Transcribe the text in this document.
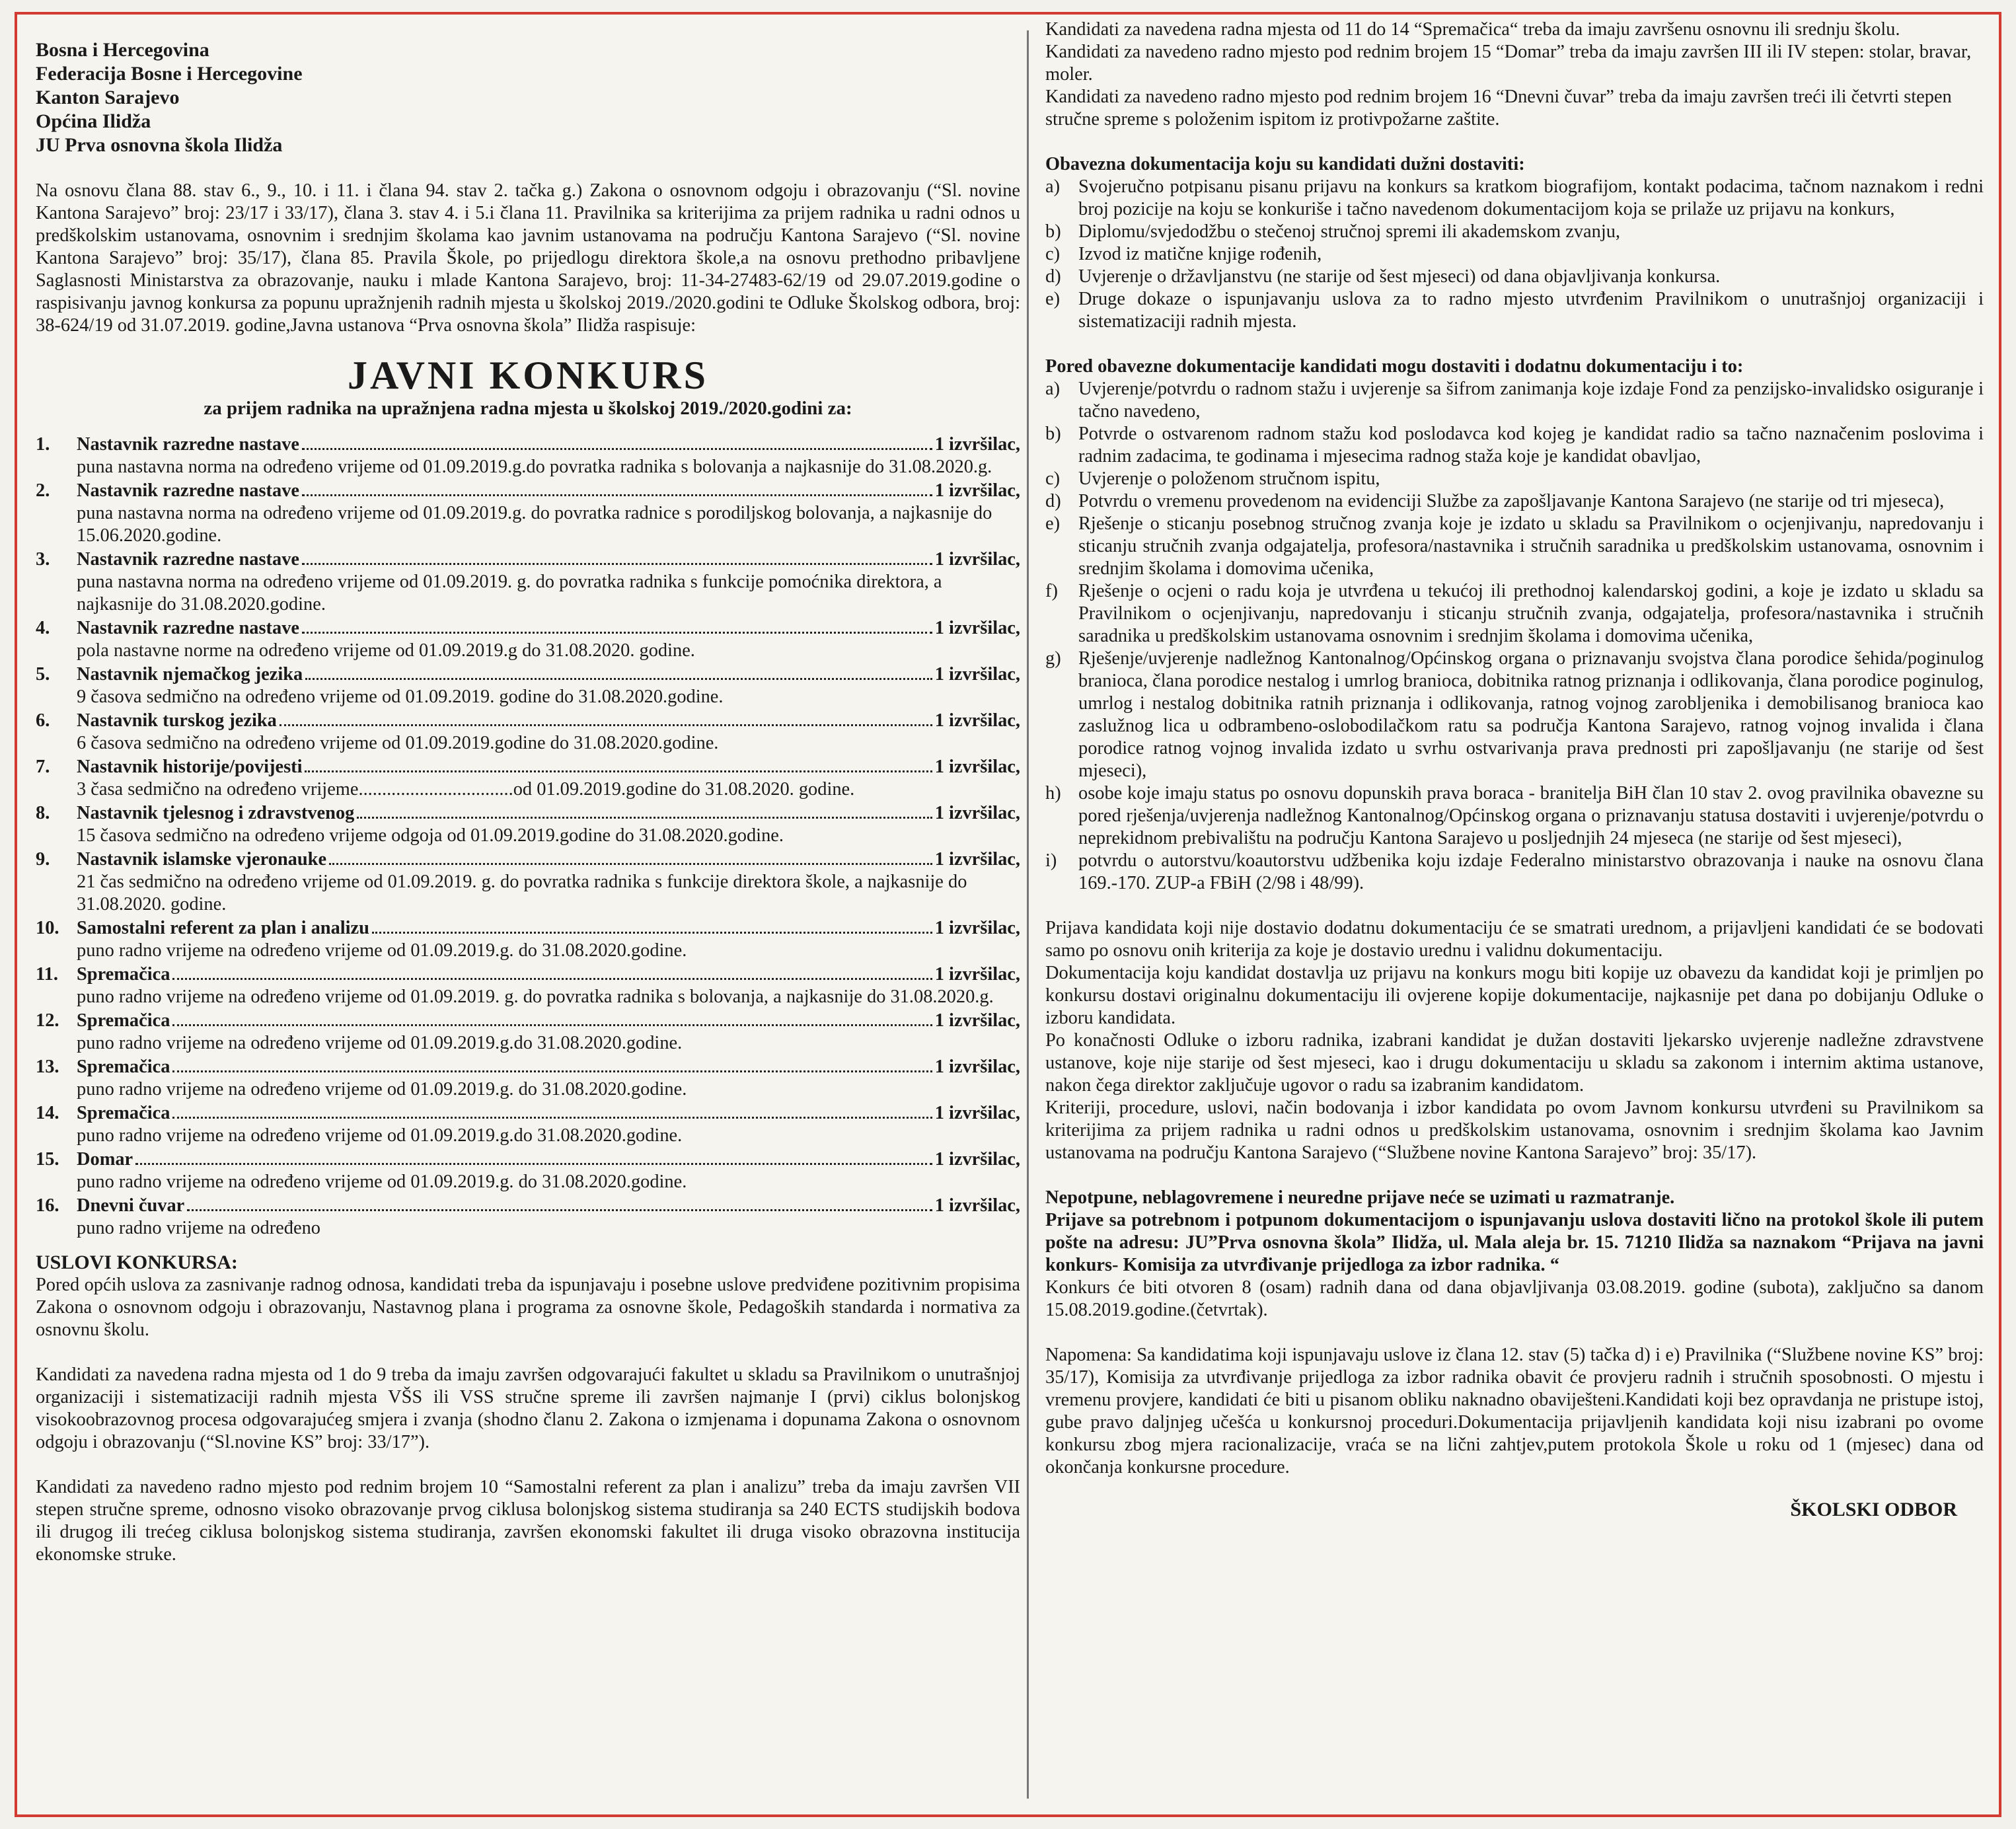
Bosna i Hercegovina
Federacija Bosne i Hercegovine
Kanton Sarajevo
Općina Ilidža
JU Prva osnovna škola Ilidža

Na osnovu člana 88. stav 6., 9., 10. i 11. i člana 94. stav 2. tačka g.) Zakona o osnovnom odgoju i obrazovanju (“Sl. novine Kantona Sarajevo” broj: 23/17 i 33/17), člana 3. stav 4. i 5.i člana 11. Pravilnika sa kriterijima za prijem radnika u radni odnos u predškolskim ustanovama, osnovnim i srednjim školama kao javnim ustanovama na području Kantona Sarajevo (“Sl. novine Kantona Sarajevo” broj: 35/17), člana 85. Pravila Škole, po prijedlogu direktora škole,a na osnovu prethodno pribavljene Saglasnosti Ministarstva za obrazovanje, nauku i mlade Kantona Sarajevo, broj: 11-34-27483-62/19 od 29.07.2019.godine o raspisivanju javnog konkursa za popunu upražnjenih radnih mjesta u školskoj 2019./2020.godini te Odluke Školskog odbora, broj: 38-624/19 od 31.07.2019. godine,Javna ustanova “Prva osnovna škola” Ilidža raspisuje:

JAVNI KONKURS
za prijem radnika na upražnjena radna mjesta u školskoj 2019./2020.godini za:
1.	Nastavnik razredne nastave	1 izvršilac,
puna nastavna norma na određeno vrijeme od 01.09.2019.g.do povratka radnika s bolovanja a najkasnije do 31.08.2020.g.
2.	Nastavnik razredne nastave	1 izvršilac,
puna nastavna norma na određeno vrijeme od 01.09.2019.g. do povratka radnice s porodiljskog bolovanja, a najkasnije do 15.06.2020.godine.
3.	Nastavnik razredne nastave	1 izvršilac,
puna nastavna norma na određeno vrijeme od 01.09.2019. g. do povratka radnika s funkcije pomoćnika direktora, a najkasnije do 31.08.2020.godine.
4.	Nastavnik razredne nastave	1 izvršilac,
pola nastavne norme na određeno vrijeme od 01.09.2019.g do 31.08.2020. godine.
5.	Nastavnik njemačkog jezika	1 izvršilac,
9 časova sedmično na određeno vrijeme od 01.09.2019. godine do 31.08.2020.godine.
6.	Nastavnik turskog jezika	1 izvršilac,
6 časova sedmično na određeno vrijeme od 01.09.2019.godine do 31.08.2020.godine.
7.	Nastavnik historije/povijesti	1 izvršilac,
3 časa sedmično na određeno vrijeme.................................od 01.09.2019.godine do 31.08.2020. godine.
8.	Nastavnik tjelesnog i zdravstvenog	1 izvršilac,
15 časova sedmično na određeno vrijeme odgoja od 01.09.2019.godine do 31.08.2020.godine.
9.	Nastavnik islamske vjeronauke	1 izvršilac,
21 čas sedmično na određeno vrijeme od 01.09.2019. g. do povratka radnika s funkcije direktora škole, a najkasnije do 31.08.2020. godine.
10. Samostalni referent za plan i analizu	1 izvršilac,
puno radno vrijeme na određeno vrijeme od 01.09.2019.g. do 31.08.2020.godine.
11. Spremačica	1 izvršilac,
puno radno vrijeme na određeno vrijeme od 01.09.2019. g. do povratka radnika s bolovanja, a najkasnije do 31.08.2020.g.
12. Spremačica	1 izvršilac,
puno radno vrijeme na određeno vrijeme od 01.09.2019.g.do 31.08.2020.godine.
13. Spremačica	1 izvršilac,
puno radno vrijeme na određeno vrijeme od 01.09.2019.g. do 31.08.2020.godine.
14. Spremačica	1 izvršilac,
puno radno vrijeme na određeno vrijeme od 01.09.2019.g.do 31.08.2020.godine.
15. Domar	1 izvršilac,
puno radno vrijeme na određeno vrijeme od 01.09.2019.g. do 31.08.2020.godine.
16. Dnevni čuvar	1 izvršilac,
puno radno vrijeme na određeno
USLOVI KONKURSA:

Pored općih uslova za zasnivanje radnog odnosa, kandidati treba da ispunjavaju i posebne uslove predviđene pozitivnim propisima Zakona o osnovnom odgoju i obrazovanju, Nastavnog plana i programa za osnovne škole, Pedagoških standarda i normativa za osnovnu školu.

Kandidati za navedena radna mjesta od 1 do 9 treba da imaju završen odgovarajući fakultet u skladu sa Pravilnikom o unutrašnjoj organizaciji i sistematizaciji radnih mjesta VŠS ili VSS stručne spreme ili završen najmanje I (prvi) ciklus bolonjskog visokoobrazovnog procesa odgovarajućeg smjera i zvanja (shodno članu 2. Zakona o izmjenama i dopunama Zakona o osnovnom odgoju i obrazovanju (“Sl.novine KS” broj: 33/17”).

Kandidati za navedeno radno mjesto pod rednim brojem 10 “Samostalni referent za plan i analizu” treba da imaju završen VII stepen stručne spreme, odnosno visoko obrazovanje prvog ciklusa bolonjskog sistema studiranja sa 240 ECTS studijskih bodova ili drugog ili trećeg ciklusa bolonjskog sistema studiranja, završen ekonomski fakultet ili druga visoko obrazovna institucija ekonomske struke.

Kandidati za navedena radna mjesta od 11 do 14 “Spremačica“ treba da imaju završenu osnovnu ili srednju školu.

Kandidati za navedeno radno mjesto pod rednim brojem 15 “Domar” treba da imaju završen III ili IV stepen: stolar, bravar, moler.

Kandidati za navedeno radno mjesto pod rednim brojem 16 “Dnevni čuvar” treba da imaju završen treći ili četvrti stepen stručne spreme s položenim ispitom iz protivpožarne zaštite.

Obavezna dokumentacija koju su kandidati dužni dostaviti:
a) Svojeručno potpisanu pisanu prijavu na konkurs sa kratkom biografijom, kontakt podacima, tačnom naznakom i redni broj pozicije na koju se konkuriše i tačno navedenom dokumentacijom koja se prilaže uz prijavu na konkurs,
b) Diplomu/svjedodžbu o stečenoj stručnoj spremi ili akademskom zvanju,
c) Izvod iz matične knjige rođenih,
d) Uvjerenje o državljanstvu (ne starije od šest mjeseci) od dana objavljivanja konkursa.
e) Druge dokaze o ispunjavanju uslova za to radno mjesto utvrđenim Pravilnikom o unutrašnjoj organizaciji i sistematizaciji radnih mjesta.
Pored obavezne dokumentacije kandidati mogu dostaviti i dodatnu dokumentaciju i to:
a) Uvjerenje/potvrdu o radnom stažu i uvjerenje sa šifrom zanimanja koje izdaje Fond za penzijsko-invalidsko osiguranje i tačno navedeno,
b) Potvrde o ostvarenom radnom stažu kod poslodavca kod kojeg je kandidat radio sa tačno naznačenim poslovima i radnim zadacima, te godinama i mjesecima radnog staža koje je kandidat obavljao,
c) Uvjerenje o položenom stručnom ispitu,
d) Potvrdu o vremenu provedenom na evidenciji Službe za zapošljavanje Kantona Sarajevo (ne starije od tri mjeseca),
e) Rješenje o sticanju posebnog stručnog zvanja koje je izdato u skladu sa Pravilnikom o ocjenjivanju, napredovanju i sticanju stručnih zvanja odgajatelja, profesora/nastavnika i stručnih saradnika u predškolskim ustanovama, osnovnim i srednjim školama i domovima učenika,
f)	Rješenje o ocjeni o radu koja je utvrđena u tekućoj ili prethodnoj kalendarskoj godini, a koje je izdato u skladu sa Pravilnikom o ocjenjivanju, napredovanju i sticanju stručnih zvanja, odgajatelja, profesora/nastavnika i stručnih saradnika u predškolskim ustanovama osnovnim i srednjim školama i domovima učenika,
g) Rješenje/uvjerenje nadležnog Kantonalnog/Općinskog organa o priznavanju svojstva člana porodice šehida/poginulog branioca, člana porodice nestalog i umrlog branioca, dobitnika ratnog priznanja i odlikovanja, člana porodice poginulog, umrlog i nestalog dobitnika ratnih priznanja i odlikovanja, ratnog vojnog zarobljenika i demobilisanog branioca kao zaslužnog lica u odbrambeno-oslobodilačkom ratu sa područja Kantona Sarajevo, ratnog vojnog invalida i člana porodice ratnog vojnog invalida izdato u svrhu ostvarivanja prava prednosti pri zapošljavanju (ne starije od šest mjeseci),
h) osobe koje imaju status po osnovu dopunskih prava boraca - branitelja BiH član 10 stav 2. ovog pravilnika obavezne su pored rješenja/uvjerenja nadležnog Kantonalnog/Općinskog organa o priznavanju statusa dostaviti i uvjerenje/potvrdu o neprekidnom prebivalištu na području Kantona Sarajevo u posljednjih 24 mjeseca (ne starije od šest mjeseci),
i)	potvrdu o autorstvu/koautorstvu udžbenika koju izdaje Federalno ministarstvo obrazovanja i nauke na osnovu člana 169.-170. ZUP-a FBiH (2/98 i 48/99).

Prijava kandidata koji nije dostavio dodatnu dokumentaciju će se smatrati urednom, a prijavljeni kandidati će se bodovati samo po osnovu onih kriterija za koje je dostavio urednu i validnu dokumentaciju.

Dokumentacija koju kandidat dostavlja uz prijavu na konkurs mogu biti kopije uz obavezu da kandidat koji je primljen po konkursu dostavi originalnu dokumentaciju ili ovjerene kopije dokumentacije, najkasnije pet dana po dobijanju Odluke o izboru kandidata.

Po konačnosti Odluke o izboru radnika, izabrani kandidat je dužan dostaviti ljekarsko uvjerenje nadležne zdravstvene ustanove, koje nije starije od šest mjeseci, kao i drugu dokumentaciju u skladu sa zakonom i internim aktima ustanove, nakon čega direktor zaključuje ugovor o radu sa izabranim kandidatom.

Kriteriji, procedure, uslovi, način bodovanja i izbor kandidata po ovom Javnom konkursu utvrđeni su Pravilnikom sa kriterijima za prijem radnika u radni odnos u predškolskim ustanovama, osnovnim i srednjim školama kao Javnim ustanovama na području Kantona Sarajevo (“Službene novine Kantona Sarajevo” broj: 35/17).

Nepotpune, neblagovremene i neuredne prijave neće se uzimati u razmatranje.

Prijave sa potrebnom i potpunom dokumentacijom o ispunjavanju uslova dostaviti lično na protokol škole ili putem pošte na adresu: JU”Prva osnovna škola” Ilidža, ul. Mala aleja br. 15. 71210 Ilidža sa naznakom “Prijava na javni konkurs- Komisija za utvrđivanje prijedloga za izbor radnika. “

Konkurs će biti otvoren 8 (osam) radnih dana od dana objavljivanja 03.08.2019. godine (subota), zaključno sa danom 15.08.2019.godine.(četvrtak).

Napomena: Sa kandidatima koji ispunjavaju uslove iz člana 12. stav (5) tačka d) i e) Pravilnika (“Službene novine KS” broj: 35/17), Komisija za utvrđivanje prijedloga za izbor radnika obavit će provjeru radnih i stručnih sposobnosti. O mjestu i vremenu provjere, kandidati će biti u pisanom obliku naknadno obaviješteni.Kandidati koji bez opravdanja ne pristupe istoj, gube pravo daljnjeg učešća u konkursnoj proceduri.Dokumentacija prijavljenih kandidata koji nisu izabrani po ovome konkursu zbog mjera racionalizacije, vraća se na lični zahtjev,putem protokola Škole u roku od 1 (mjesec) dana od okončanja konkursne procedure.

ŠKOLSKI ODBOR
